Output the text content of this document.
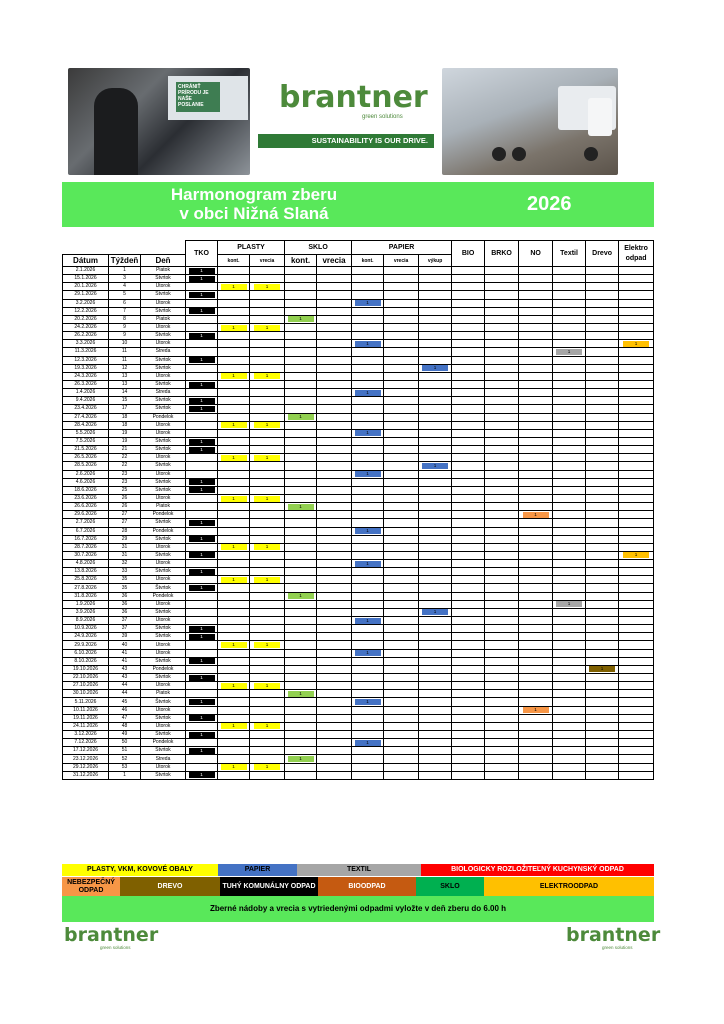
CHRÁNIŤ PRÍRODU JE NAŠE POSLANIE	brantner
green solutions
SUSTAINABILITY IS OUR DRIVE.
Harmonogram zberu
v obci Nižná Slaná	2026
			TKO	PLASTY		SKLO		PAPIER			BIO	BRKO	NO	Textil	Drevo	Elektro odpad
Dátum	Týždeň	Deň		kont.	vrecia	kont.	vrecia	kont.	vrecia	výkup						
2.1.2026	1	Piatok	1													

15.1.2026	3	Štvrtok	1													

20.1.2026	4	Utorok		1	1											

29.1.2026	5	Štvrtok	1													

3.2.2026	6	Utorok						1								

12.2.2026	7	Štvrtok	1													

20.2.2026	8	Piatok				1										

24.2.2026	9	Utorok		1	1											

26.2.2026	9	Štvrtok	1													

3.3.2026	10	Utorok						1								1

11.3.2026	11	Streda												1		

12.3.2026	11	Štvrtok	1													

19.3.2026	12	Štvrtok								1						

24.3.2026	13	Utorok		1	1											

26.3.2026	13	Štvrtok	1													

1.4.2026	14	Streda						1								

9.4.2026	15	Štvrtok	1													

23.4.2026	17	Štvrtok	1													

27.4.2026	18	Pondelok				1										

28.4.2026	18	Utorok		1	1											

5.5.2026	19	Utorok						1								

7.5.2026	19	Štvrtok	1													

21.5.2026	21	Štvrtok	1													

26.5.2026	22	Utorok		1	1											

28.5.2026	22	Štvrtok								1						

2.6.2026	23	Utorok						1								

4.6.2026	23	Štvrtok	1													

18.6.2026	25	Štvrtok	1													

23.6.2026	26	Utorok		1	1											

26.6.2026	26	Piatok				1										

29.6.2026	27	Pondelok											1			

2.7.2026	27	Štvrtok	1													

6.7.2026	28	Pondelok						1								

16.7.2026	29	Štvrtok	1													

28.7.2026	31	Utorok		1	1											

30.7.2026	31	Štvrtok	1													1

4.8.2026	32	Utorok						1								

13.8.2026	33	Štvrtok	1													

25.8.2026	35	Utorok		1	1											

27.8.2026	35	Štvrtok	1													

31.8.2026	36	Pondelok				1										

1.9.2026	36	Utorok												1		

3.9.2026	36	Štvrtok								1						

8.9.2026	37	Utorok						1								

10.9.2026	37	Štvrtok	1													

24.9.2026	39	Štvrtok	1													

29.9.2026	40	Utorok		1	1											

6.10.2026	41	Utorok						1								

8.10.2026	41	Štvrtok	1													

19.10.2026	43	Pondelok													1	

22.10.2026	43	Štvrtok	1													

27.10.2026	44	Utorok		1	1											

30.10.2026	44	Piatok				1										

5.11.2026	45	Štvrtok	1					1								

10.11.2026	46	Utorok											1			

19.11.2026	47	Štvrtok	1													

24.11.2026	48	Utorok		1	1											

3.12.2026	49	Štvrtok	1													

7.12.2026	50	Pondelok						1								

17.12.2026	51	Štvrtok	1													

23.12.2026	52	Streda				1										

29.12.2026	53	Utorok		1	1											

31.12.2026	1	Štvrtok	1													

PLASTY, VKM, KOVOVÉ OBALY	PAPIER	TEXTIL	BIOLOGICKY ROZLOŽITEĽNÝ KUCHYNSKÝ ODPAD
NEBEZPEČNÝ ODPAD
DREVO	TUHÝ KOMUNÁLNY ODPAD	BIOODPAD	SKLO	ELEKTROODPAD
Zberné nádoby a vrecia s vytriedenými odpadmi vyložte v deň zberu do 6.00 h
brantner
green solutions
brantner
green solutions
